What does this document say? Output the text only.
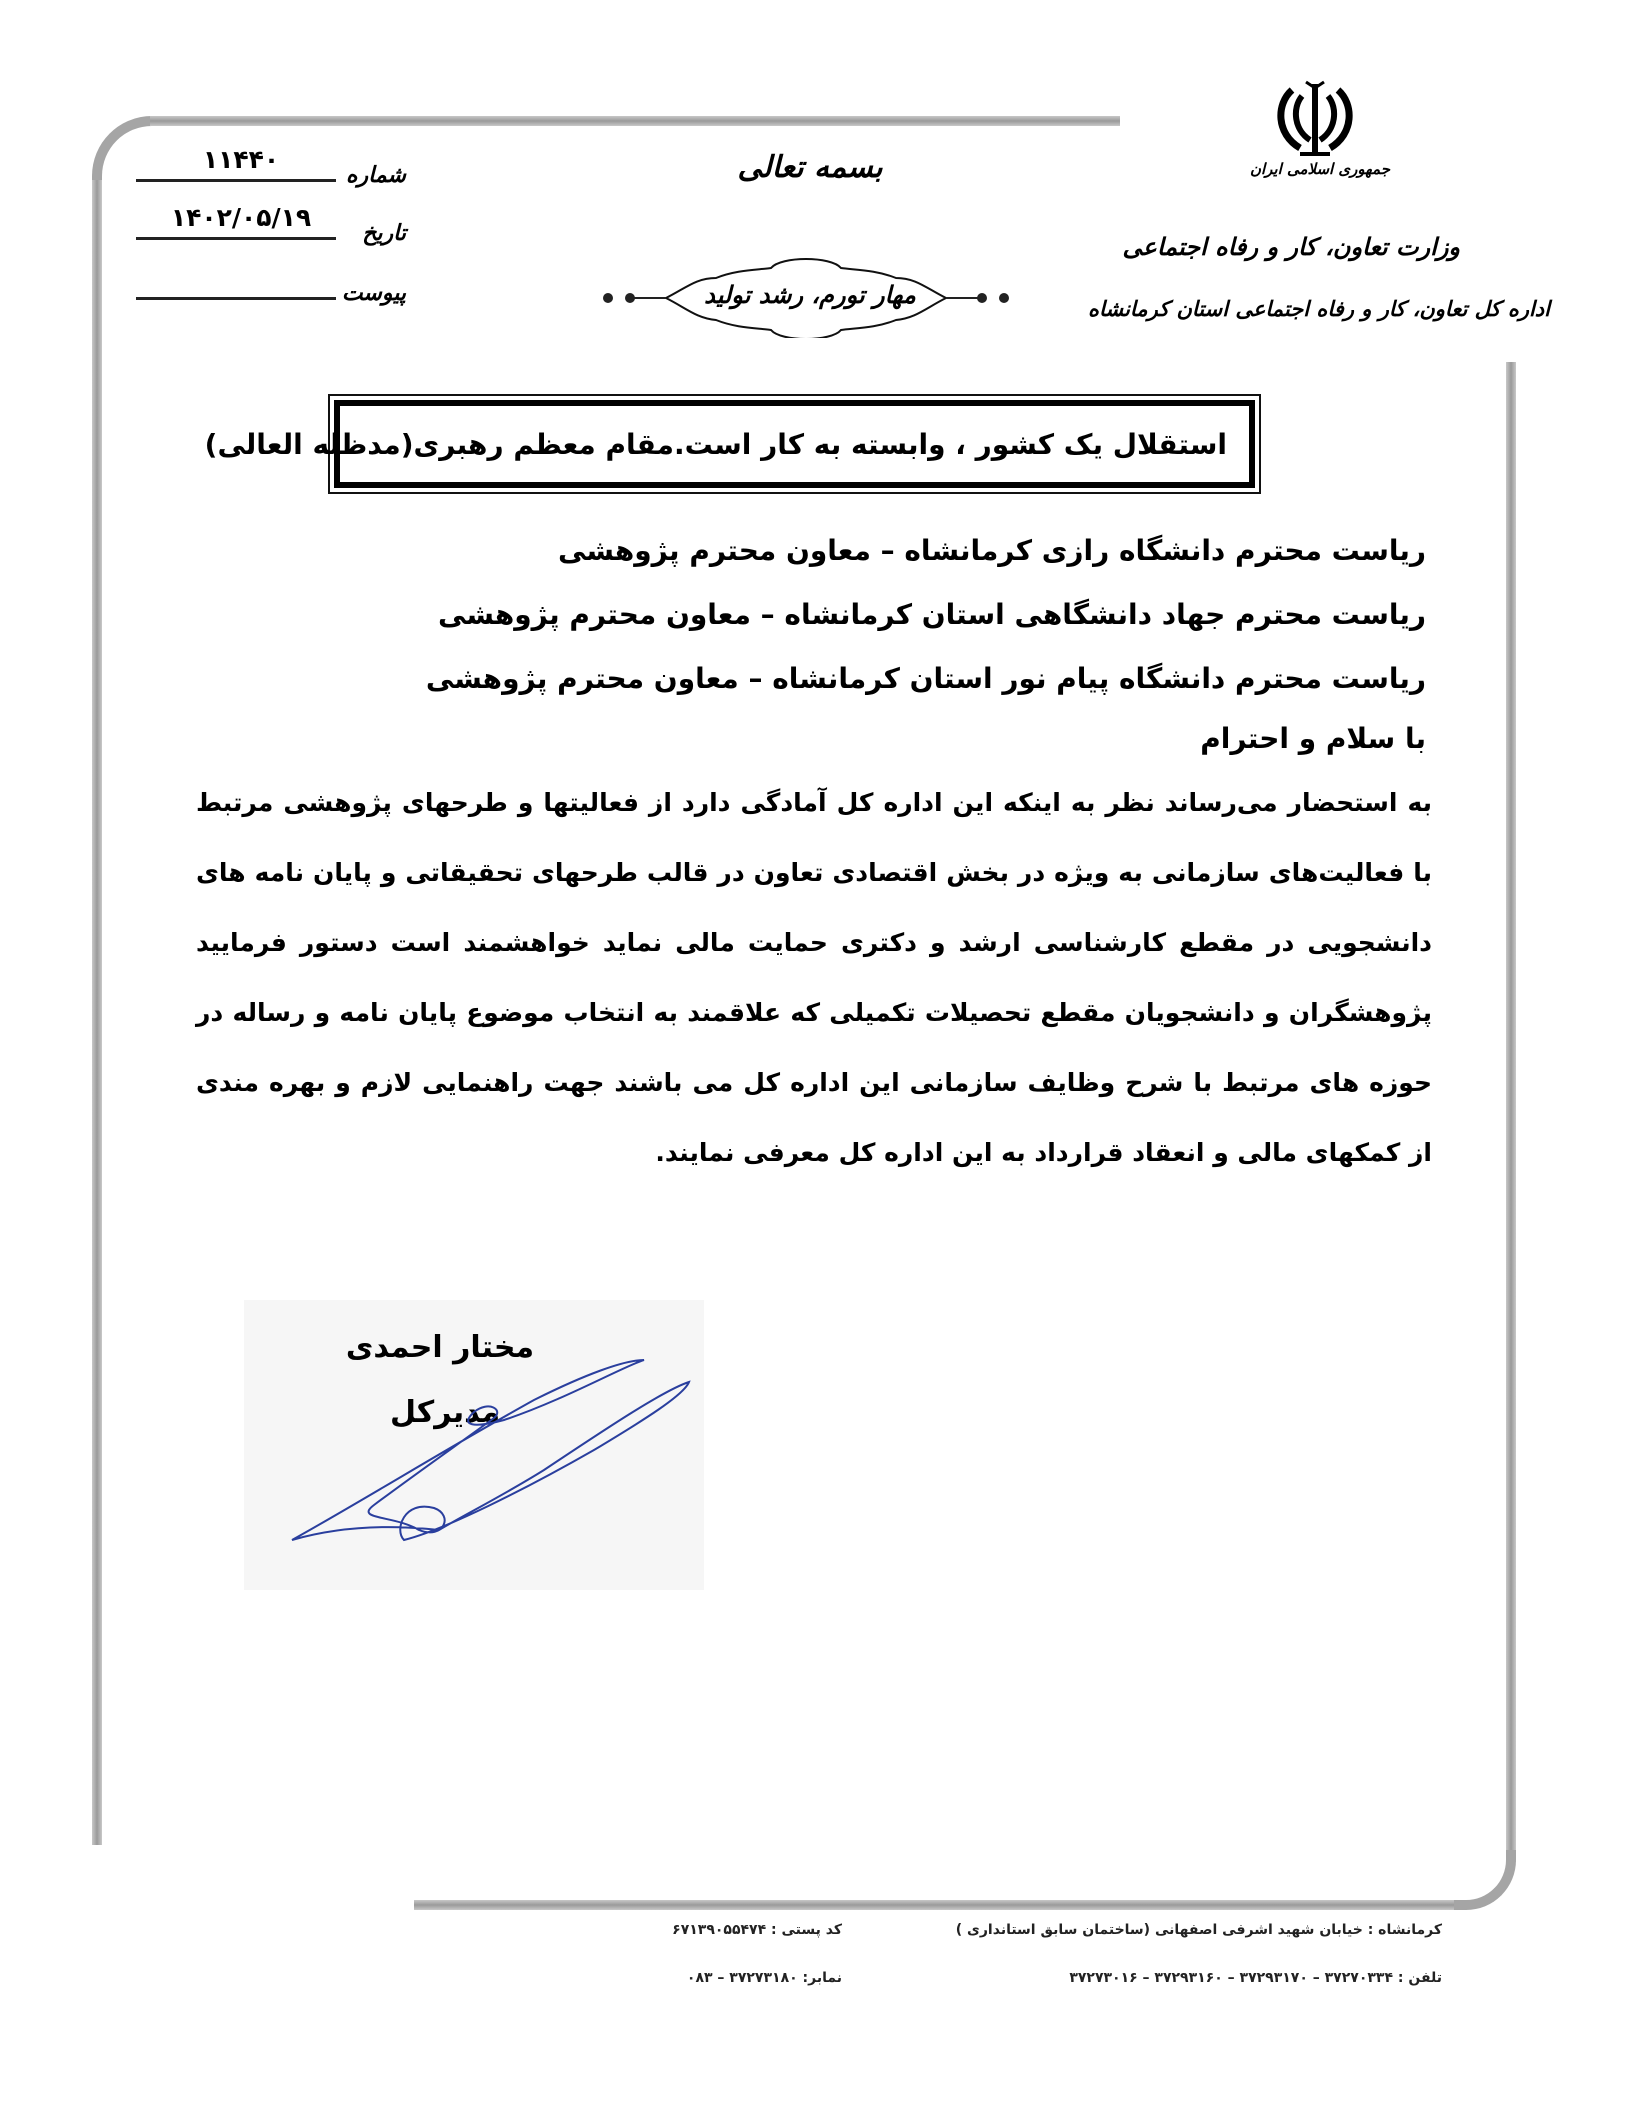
جمهوری اسلامی ایران
وزارت تعاون، کار و رفاه اجتماعی
اداره کل تعاون، کار و رفاه اجتماعی استان کرمانشاه
بسمه تعالی
مهار تورم، رشد تولید
۱۱۴۴۰
شماره
۱۴۰۲/۰۵/۱۹
تاریخ
پیوست
استقلال یک کشور ، وابسته به کار است.
مقام معظم رهبری(مدظله العالی)
ریاست محترم دانشگاه رازی کرمانشاه – معاون محترم پژوهشی
ریاست محترم جهاد دانشگاهی استان کرمانشاه – معاون محترم پژوهشی
ریاست محترم دانشگاه پیام نور استان کرمانشاه – معاون محترم پژوهشی
با سلام و احترام
به استحضار می‌رساند نظر به اینکه این اداره کل آمادگی دارد از فعالیتها و طرحهای پژوهشی مرتبط با فعالیت‌های سازمانی به ویژه در بخش اقتصادی تعاون در قالب طرحهای تحقیقاتی و پایان نامه های دانشجویی در مقطع کارشناسی ارشد و دکتری حمایت مالی نماید خواهشمند است دستور فرمایید پژوهشگران و دانشجویان مقطع تحصیلات تکمیلی که علاقمند به انتخاب موضوع پایان نامه و رساله در حوزه های مرتبط با شرح وظایف سازمانی این اداره کل می باشند جهت راهنمایی لازم و بهره مندی از کمکهای مالی و انعقاد قرارداد به این اداره کل معرفی نمایند.
مختار احمدی
مدیرکل
کرمانشاه : خیابان شهید اشرفی اصفهانی (ساختمان سابق استانداری )
کد پستی : ۶۷۱۳۹۰۵۵۴۷۴
تلفن : ۳۷۲۷۰۳۳۴ – ۳۷۲۹۳۱۷۰ – ۳۷۲۹۳۱۶۰ – ۳۷۲۷۳۰۱۶
نمابر: ۳۷۲۷۳۱۸۰ – ۰۸۳
